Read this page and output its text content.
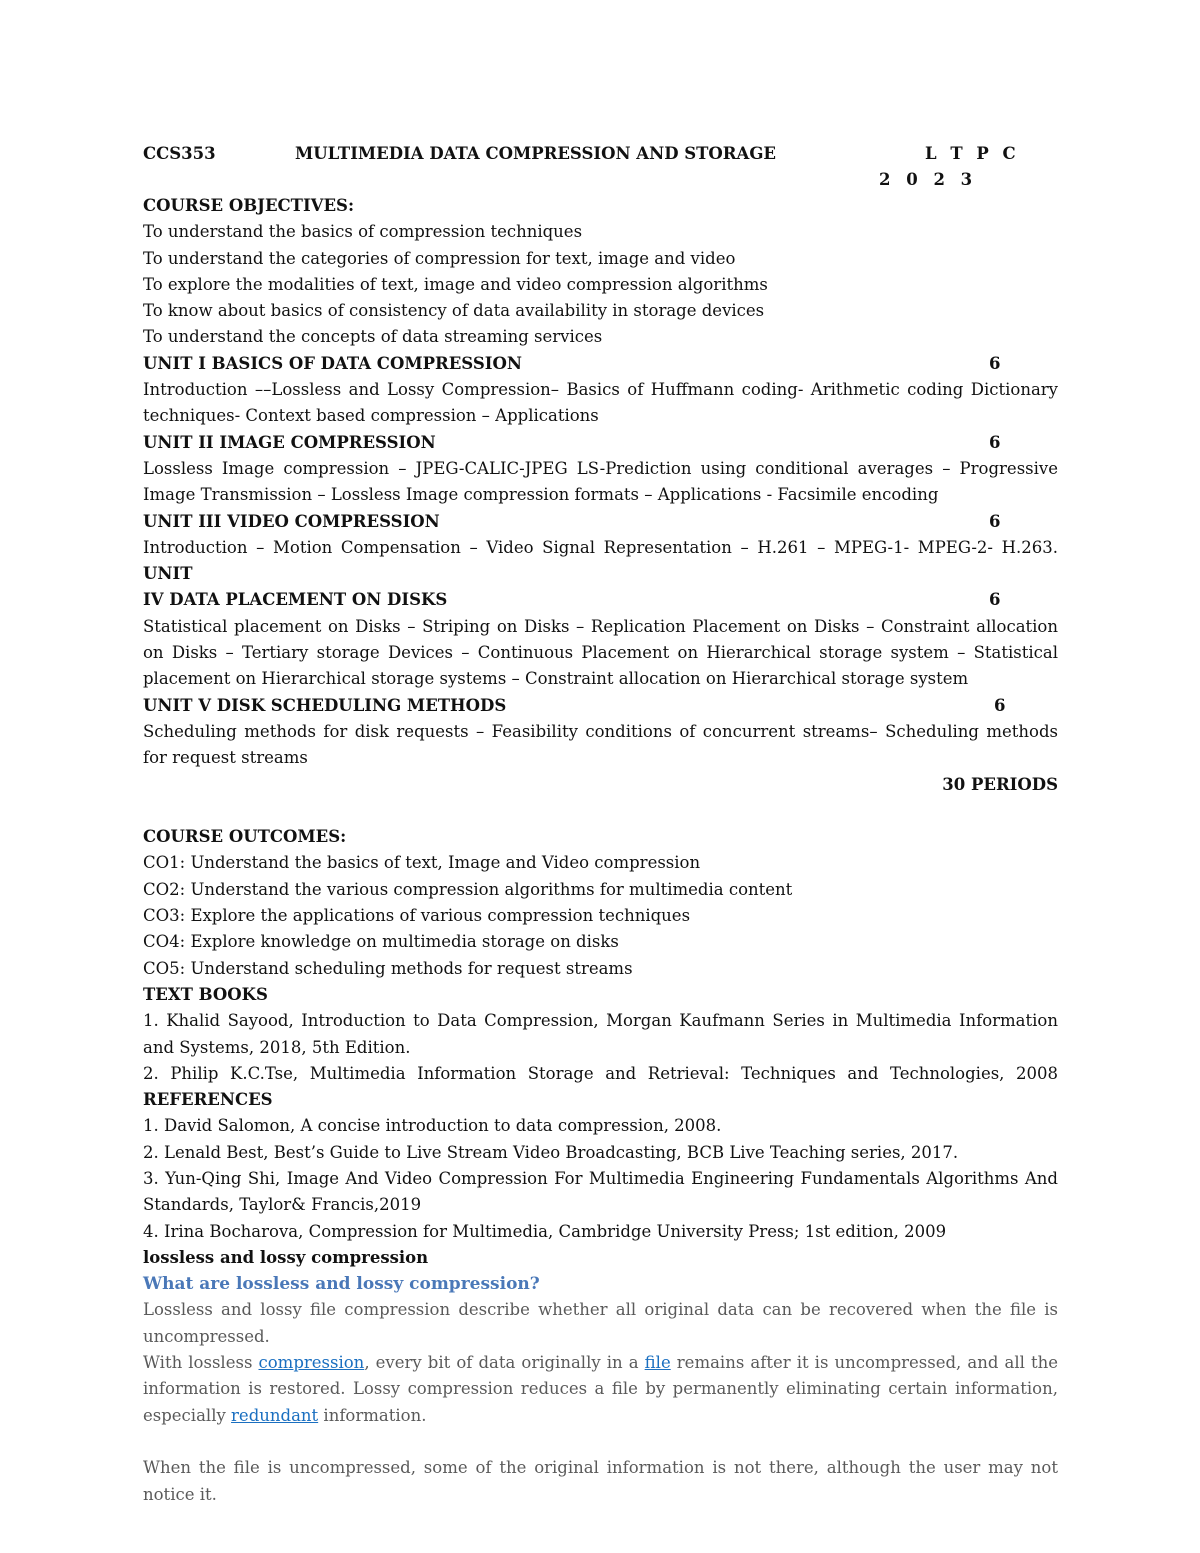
CCS353	MULTIMEDIA DATA COMPRESSION AND STORAGE	L T P C
2 0 2 3
COURSE OBJECTIVES:
To understand the basics of compression techniques
To understand the categories of compression for text, image and video
To explore the modalities of text, image and video compression algorithms
To know about basics of consistency of data availability in storage devices
To understand the concepts of data streaming services
UNIT I BASICS OF DATA COMPRESSION	6

Introduction ––Lossless and Lossy Compression– Basics of Huffmann coding- Arithmetic coding Dictionary techniques- Context based compression – Applications

UNIT II IMAGE COMPRESSION	6

Lossless Image compression – JPEG-CALIC-JPEG LS-Prediction using conditional averages – Progressive Image Transmission – Lossless Image compression formats – Applications - Facsimile encoding

UNIT III VIDEO COMPRESSION	6

Introduction – Motion Compensation – Video Signal Representation – H.261 – MPEG-1- MPEG-2- H.263. UNIT

IV DATA PLACEMENT ON DISKS	6

Statistical placement on Disks – Striping on Disks – Replication Placement on Disks – Constraint allocation on Disks – Tertiary storage Devices – Continuous Placement on Hierarchical storage system – Statistical placement on Hierarchical storage systems – Constraint allocation on Hierarchical storage system

UNIT V DISK SCHEDULING METHODS	6

Scheduling methods for disk requests – Feasibility conditions of concurrent streams– Scheduling methods for request streams

30 PERIODS
COURSE OUTCOMES:
CO1: Understand the basics of text, Image and Video compression
CO2: Understand the various compression algorithms for multimedia content
CO3: Explore the applications of various compression techniques
CO4: Explore knowledge on multimedia storage on disks
CO5: Understand scheduling methods for request streams
TEXT BOOKS

1. Khalid Sayood, Introduction to Data Compression, Morgan Kaufmann Series in Multimedia Information and Systems, 2018, 5th Edition.

2. Philip K.C.Tse, Multimedia Information Storage and Retrieval: Techniques and Technologies, 2008

REFERENCES
1. David Salomon, A concise introduction to data compression, 2008.
2. Lenald Best, Best’s Guide to Live Stream Video Broadcasting, BCB Live Teaching series, 2017.

3. Yun-Qing Shi, Image And Video Compression For Multimedia Engineering Fundamentals Algorithms And Standards, Taylor& Francis,2019

4. Irina Bocharova, Compression for Multimedia, Cambridge University Press; 1st edition, 2009
lossless and lossy compression
What are lossless and lossy compression?

Lossless and lossy file compression describe whether all original data can be recovered when the file is uncompressed.

With lossless compression, every bit of data originally in a file remains after it is uncompressed, and all the information is restored. Lossy compression reduces a file by permanently eliminating certain information, especially redundant information.

When the file is uncompressed, some of the original information is not there, although the user may not notice it.
